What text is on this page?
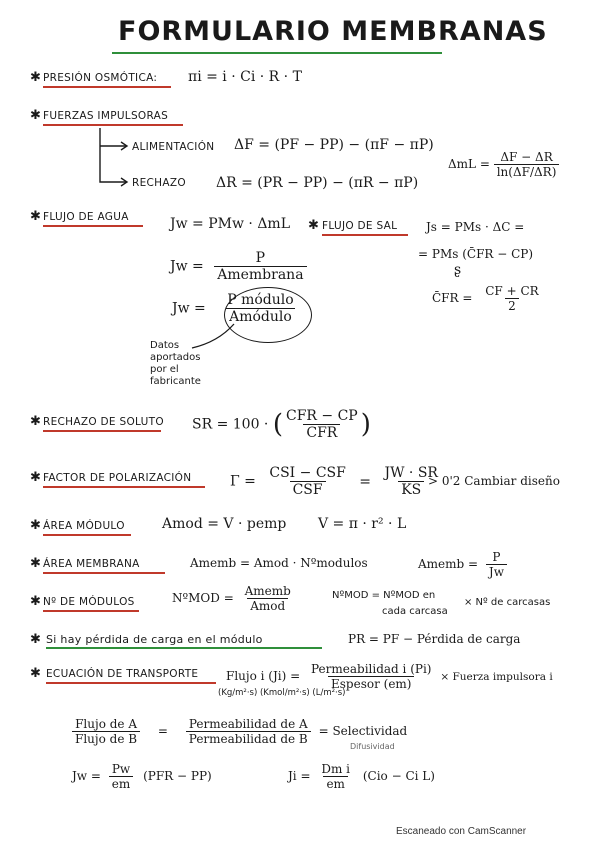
FORMULARIO MEMBRANAS
✱ PRESIÓN OSMÓTICA: πi = i · Ci · R · T
✱ FUERZAS IMPULSORAS
ALIMENTACIÓN ΔF = (PF − PP) − (πF − πP)
RECHAZO ΔR = (PR − PP) − (πR − πP)
$\Delta mL = \frac{\Delta F - \Delta R}{\ln(\Delta F/\Delta R)}$
✱ FLUJO DE AGUA	Jw = PMw · ΔmL
$Jw = \frac{P}{\text{Amembrana}}$
$Jw = \frac{\text{P módulo}}{\text{Amódulo}}$
Datos
aportados
por el
fabricante
✱ FLUJO DE SAL Js = PMs · ΔC =
= PMs (C̄FR − CP)
ʂ
C̄FR = $\frac{CF + CR}{2}$
✱ RECHAZO DE SOLUTO SR = 100 · ( $\frac{\text{CFR − CP}}{\text{CFR}}$ )
✱ FACTOR DE POLARIZACIÓN	$\Gamma = \frac{\text{CSI − CSF}}{\text{CSF}} = \frac{JW \cdot SR}{KS}$
> 0'2 Cambiar diseño
✱ ÁREA MÓDULO	Amod = V · pemp V = π · r² · L
✱ ÁREA MEMBRANA	Amemb = Amod · Nºmodulos	Amemb = $\frac{P}{Jw}$
✱ Nº DE MÓDULOS	NºMOD = $\frac{\text{Amemb}}{\text{Amod}}$	NºMOD = NºMOD en
cada carcasa
× Nº de carcasas
✱ Si hay pérdida de carga en el módulo	PR = PF − Pérdida de carga
✱ ECUACIÓN DE TRANSPORTE Flujo i $(Ji) = \frac{\text{Permeabilidad i (Pi)}}{\text{Espesor (em)}}$ × Fuerza impulsora i
(Kg/m²·s) (Kmol/m²·s) (L/m²·s)
$\frac{\text{Flujo de A}}{\text{Flujo de B}} = \frac{\text{Permeabilidad de A}}{\text{Permeabilidad de B}}$ = Selectividad
$Jw = \frac{Pw}{em} (PFR - PP)$
Difusividad
$Ji = \frac{\text{Dm i}}{em} (Cio - Ci$ L)
Escaneado con CamScanner
